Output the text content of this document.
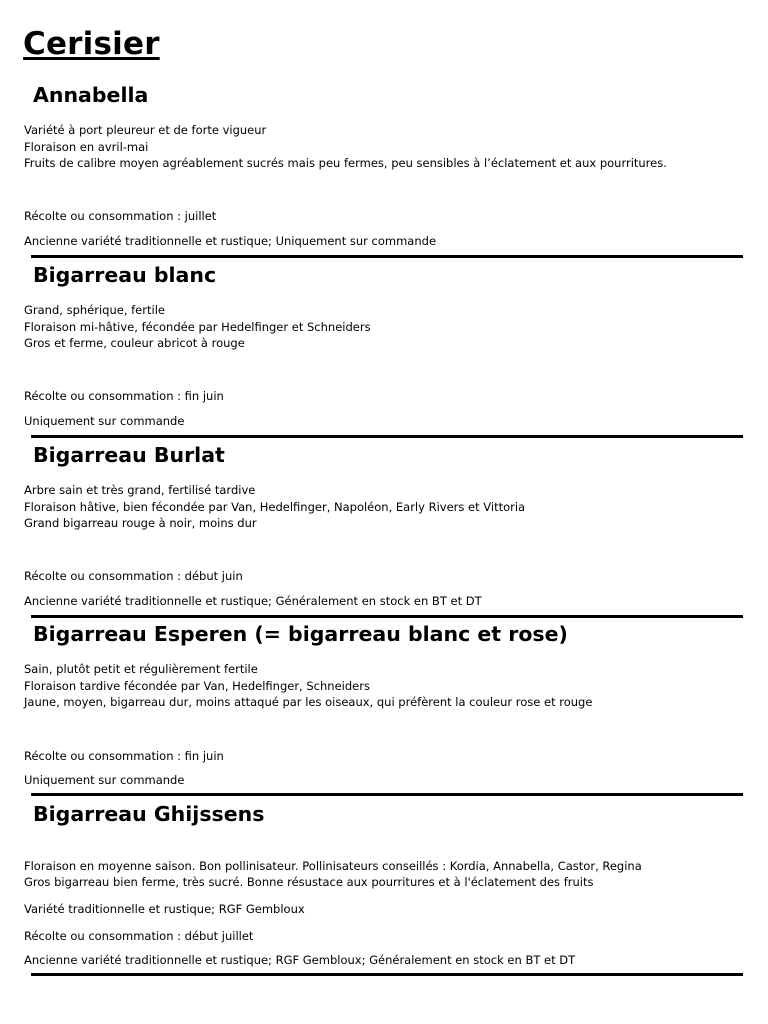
Cerisier
Annabella
Variété à port pleureur et de forte vigueur
Floraison en avril-mai
Fruits de calibre moyen agréablement sucrés mais peu fermes, peu sensibles à l’éclatement et aux pourritures.
Récolte ou consommation : juillet
Ancienne variété traditionnelle et rustique; Uniquement sur commande
Bigarreau blanc
Grand, sphérique, fertile
Floraison mi-hâtive, fécondée par Hedelfinger et Schneiders
Gros et ferme, couleur abricot à rouge
Récolte ou consommation : fin juin
Uniquement sur commande
Bigarreau Burlat
Arbre sain et très grand, fertilisé tardive
Floraison hâtive, bien fécondée par Van, Hedelfinger, Napoléon, Early Rivers et Vittoria
Grand bigarreau rouge à noir, moins dur
Récolte ou consommation : début juin
Ancienne variété traditionnelle et rustique; Généralement en stock en BT et DT
Bigarreau Esperen (= bigarreau blanc et rose)
Sain, plutôt petit et régulièrement fertile
Floraison tardive fécondée par Van, Hedelfinger, Schneiders
Jaune, moyen, bigarreau dur, moins attaqué par les oiseaux, qui préfèrent la couleur rose et rouge
Récolte ou consommation : fin juin
Uniquement sur commande
Bigarreau Ghijssens
Floraison en moyenne saison. Bon pollinisateur. Pollinisateurs conseillés : Kordia, Annabella, Castor, Regina
Gros bigarreau bien ferme, très sucré. Bonne résustace aux pourritures et à l'éclatement des fruits
Variété traditionnelle et rustique; RGF Gembloux
Récolte ou consommation : début juillet
Ancienne variété traditionnelle et rustique; RGF Gembloux; Généralement en stock en BT et DT
